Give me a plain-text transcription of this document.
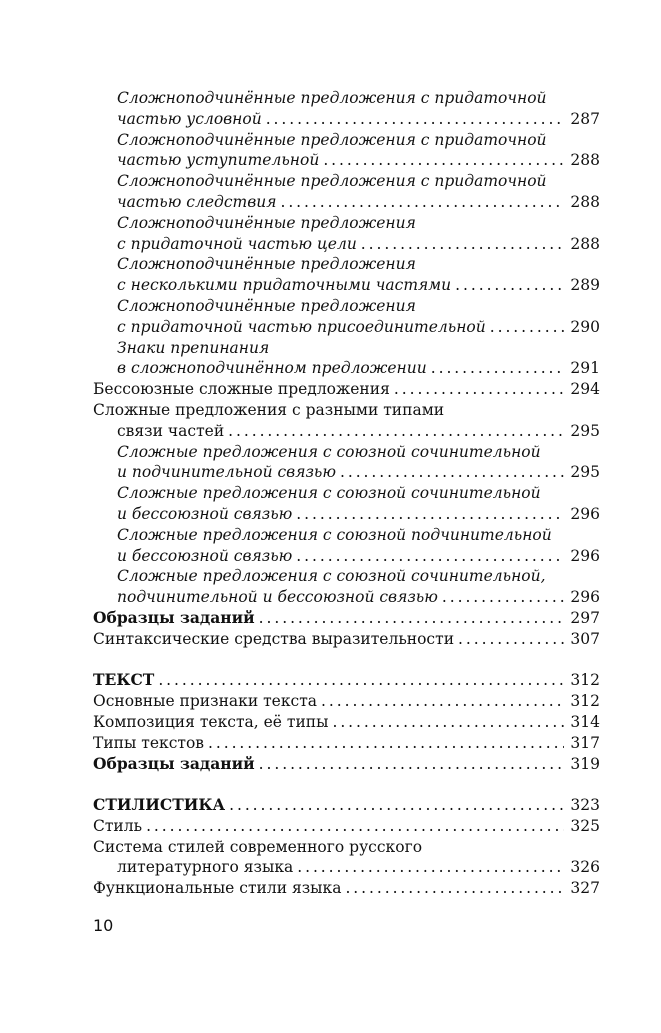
Сложноподчинённые предложения с придаточной
частью условной . . .	287
Сложноподчинённые предложения с придаточной
частью уступительной . . .	288
Сложноподчинённые предложения с придаточной
частью следствия . . .	288
Сложноподчинённые предложения
с придаточной частью цели . . .	288
Сложноподчинённые предложения
с несколькими придаточными частями . . .	289
Сложноподчинённые предложения
с придаточной частью присоединительной . . .	290
Знаки препинания
в сложноподчинённом предложении . . .	291
Бессоюзные сложные предложения . . .	294
Сложные предложения с разными типами
связи частей . . .	295
Сложные предложения с союзной сочинительной
и подчинительной связью . . .	295
Сложные предложения с союзной сочинительной
и бессоюзной связью . . .	296
Сложные предложения с союзной подчинительной
и бессоюзной связью . . .	296
Сложные предложения с союзной сочинительной,
подчинительной и бессоюзной связью . . .	296
Образцы заданий . . .	297
Синтаксические средства выразительности . . .	307
ТЕКСТ . . .	312
Основные признаки текста . . .	312
Композиция текста, её типы . . .	314
Типы текстов . . .	317
Образцы заданий . . .	319
СТИЛИСТИКА . . .	323
Стиль . . .	325
Система стилей современного русского
литературного языка . . .	326
Функциональные стили языка . . .	327
10
